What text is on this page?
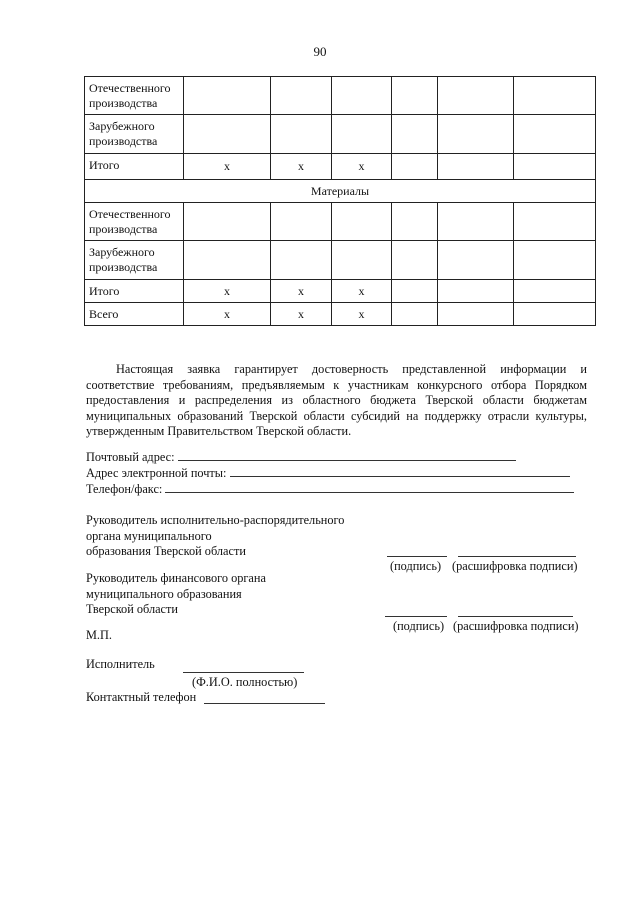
90
Отечественного производства						
Зарубежного производства						
Итого	x	x	x			
Материалы						
Отечественного производства						
Зарубежного производства						
Итого	x	x	x			
Всего	x	x	x			
Настоящая заявка гарантирует достоверность представленной информации и соответствие требованиям, предъявляемым к участникам конкурсного отбора Порядком предоставления и распределения из областного бюджета Тверской области бюджетам муниципальных образований Тверской области субсидий на поддержку отрасли культуры, утвержденным Правительством Тверской области.
Почтовый адрес:
Адрес электронной почты:
Телефон/факс:
Руководитель исполнительно-распорядительного
органа муниципального
образования Тверской области
(подпись) (расшифровка подписи)
Руководитель финансового органа
муниципального образования
Тверской области
(подпись) (расшифровка подписи)
М.П.
Исполнитель
(Ф.И.О. полностью)
Контактный телефон
